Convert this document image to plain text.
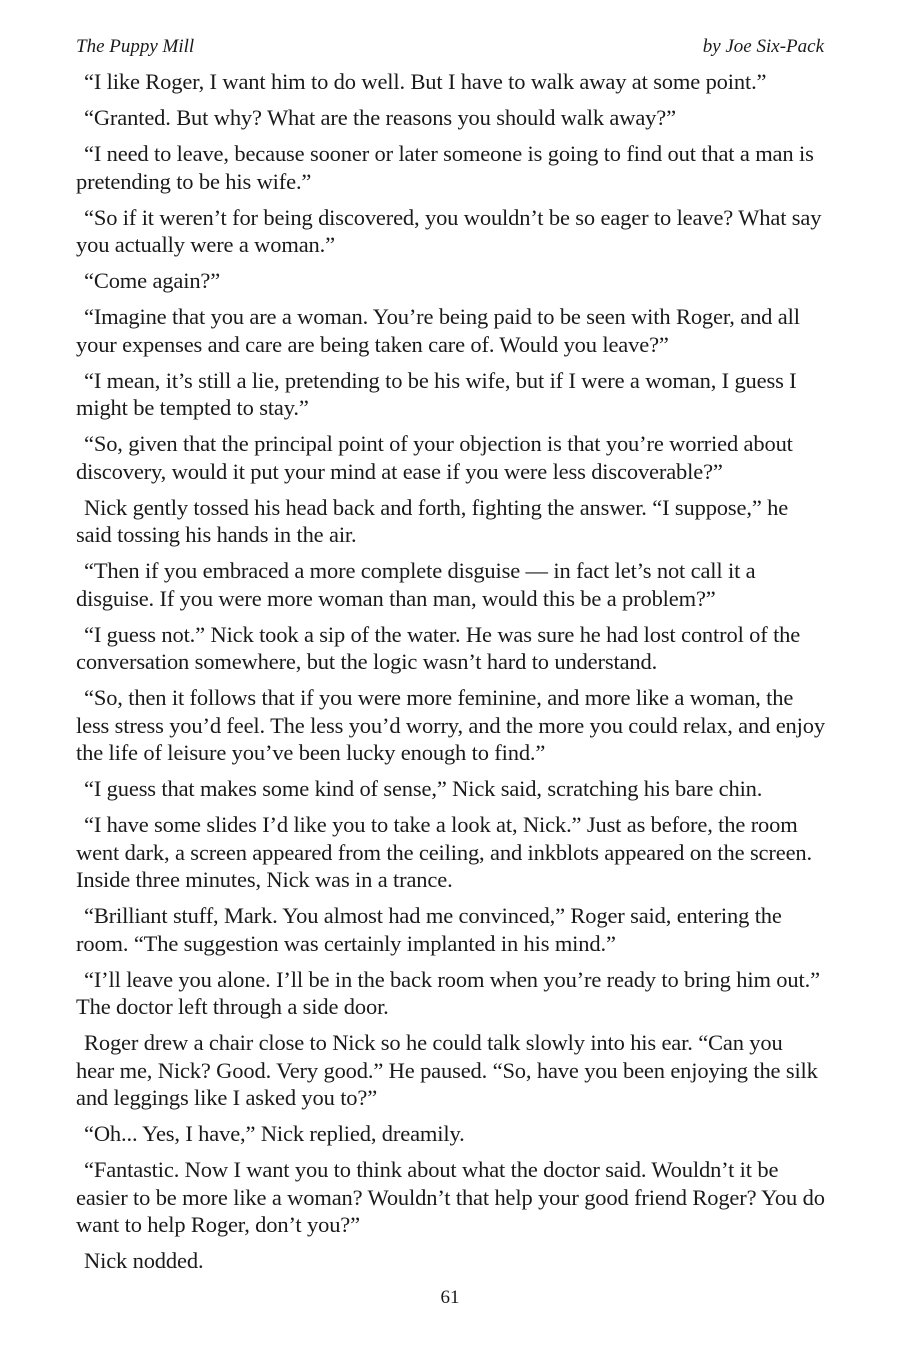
The Puppy Mill	by Joe Six-Pack

“I like Roger, I want him to do well. But I have to walk away at some point.”

“Granted. But why? What are the reasons you should walk away?”

“I need to leave, because sooner or later someone is going to find out that a man is pretending to be his wife.”

“So if it weren’t for being discovered, you wouldn’t be so eager to leave? What say you actually were a woman.”

“Come again?”

“Imagine that you are a woman. You’re being paid to be seen with Roger, and all your expenses and care are being taken care of. Would you leave?”

“I mean, it’s still a lie, pretending to be his wife, but if I were a woman, I guess I might be tempted to stay.”

“So, given that the principal point of your objection is that you’re worried about discovery, would it put your mind at ease if you were less discoverable?”

Nick gently tossed his head back and forth, fighting the answer. “I suppose,” he said tossing his hands in the air.

“Then if you embraced a more complete disguise — in fact let’s not call it a disguise. If you were more woman than man, would this be a problem?”

“I guess not.” Nick took a sip of the water. He was sure he had lost control of the conversation somewhere, but the logic wasn’t hard to understand.

“So, then it follows that if you were more feminine, and more like a woman, the less stress you’d feel. The less you’d worry, and the more you could relax, and enjoy the life of leisure you’ve been lucky enough to find.”

“I guess that makes some kind of sense,” Nick said, scratching his bare chin.

“I have some slides I’d like you to take a look at, Nick.” Just as before, the room went dark, a screen appeared from the ceiling, and inkblots appeared on the screen. Inside three minutes, Nick was in a trance.

“Brilliant stuff, Mark. You almost had me convinced,” Roger said, entering the room. “The suggestion was certainly implanted in his mind.”

“I’ll leave you alone. I’ll be in the back room when you’re ready to bring him out.” The doctor left through a side door.

Roger drew a chair close to Nick so he could talk slowly into his ear. “Can you hear me, Nick? Good. Very good.” He paused. “So, have you been enjoying the silk and leggings like I asked you to?”

“Oh... Yes, I have,” Nick replied, dreamily.

“Fantastic. Now I want you to think about what the doctor said. Wouldn’t it be easier to be more like a woman? Wouldn’t that help your good friend Roger? You do want to help Roger, don’t you?”

Nick nodded.

61
